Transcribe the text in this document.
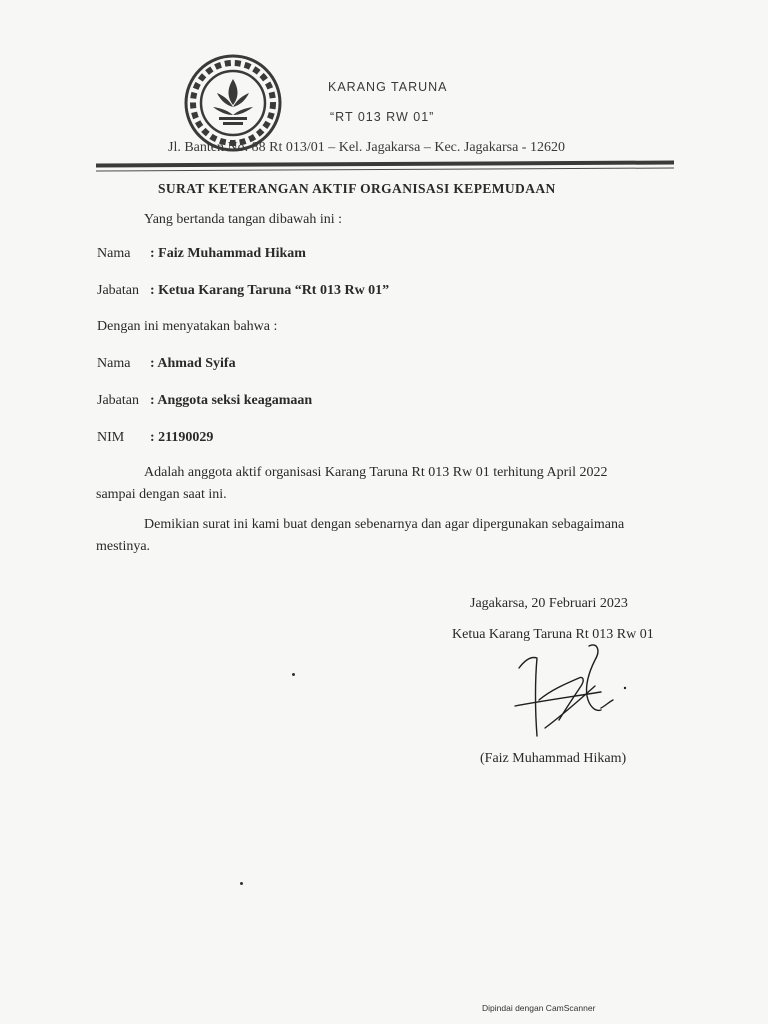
KARANG TARUNA
“RT 013 RW 01”
Jl. Banten No. 88 Rt 013/01 – Kel. Jagakarsa – Kec. Jagakarsa - 12620
SURAT KETERANGAN AKTIF ORGANISASI KEPEMUDAAN
Yang bertanda tangan dibawah ini :
Nama : Faiz Muhammad Hikam
Jabatan : Ketua Karang Taruna “Rt 013 Rw 01”
Dengan ini menyatakan bahwa :
Nama : Ahmad Syifa
Jabatan : Anggota seksi keagamaan
NIM : 21190029
Adalah anggota aktif organisasi Karang Taruna Rt 013 Rw 01 terhitung April 2022
sampai dengan saat ini.
Demikian surat ini kami buat dengan sebenarnya dan agar dipergunakan sebagaimana
mestinya.
Jagakarsa, 20 Februari 2023
Ketua Karang Taruna Rt 013 Rw 01
(Faiz Muhammad Hikam)
Dipindai dengan CamScanner
